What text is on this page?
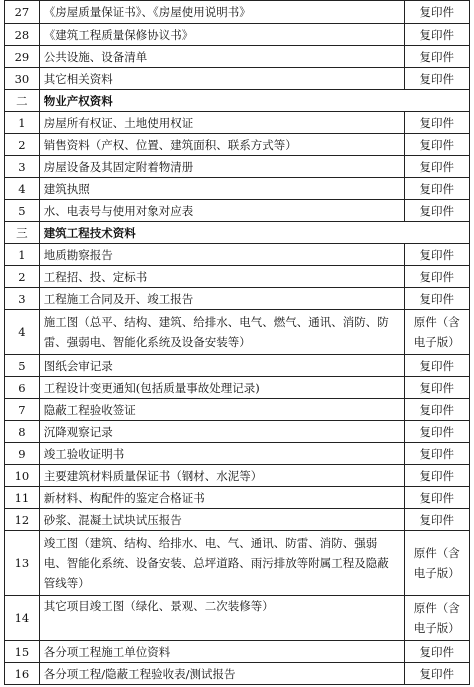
27	《房屋质量保证书》、《房屋使用说明书》	复印件
28	《建筑工程质量保修协议书》	复印件
29	公共设施、设备清单	复印件
30	其它相关资料	复印件
二	物业产权资料	
1	房屋所有权证、土地使用权证	复印件
2	销售资料（产权、位置、建筑面积、联系方式等）	复印件
3	房屋设备及其固定附着物清册	复印件
4	建筑执照	复印件
5	水、电表号与使用对象对应表	复印件
三	建筑工程技术资料	
1	地质勘察报告	复印件
2	工程招、投、定标书	复印件
3	工程施工合同及开、竣工报告	复印件
4	施工图（总平、结构、建筑、给排水、电气、燃气、通讯、消防、防雷、强弱电、智能化系统及设备安装等）	原件（含电子版）
5	图纸会审记录	复印件
6	工程设计变更通知(包括质量事故处理记录)	复印件
7	隐蔽工程验收签证	复印件
8	沉降观察记录	复印件
9	竣工验收证明书	复印件
10	主要建筑材料质量保证书（钢材、水泥等）	复印件
11	新材料、构配件的鉴定合格证书	复印件
12	砂浆、混凝土试块试压报告	复印件
13	竣工图（建筑、结构、给排水、电、气、通讯、防雷、消防、强弱电、智能化系统、设备安装、总坪道路、雨污排放等附属工程及隐蔽管线等）	原件（含电子版）
14	其它项目竣工图（绿化、景观、二次装修等）	原件（含电子版）
15	各分项工程施工单位资料	复印件
16	各分项工程/隐蔽工程验收表/测试报告	复印件
